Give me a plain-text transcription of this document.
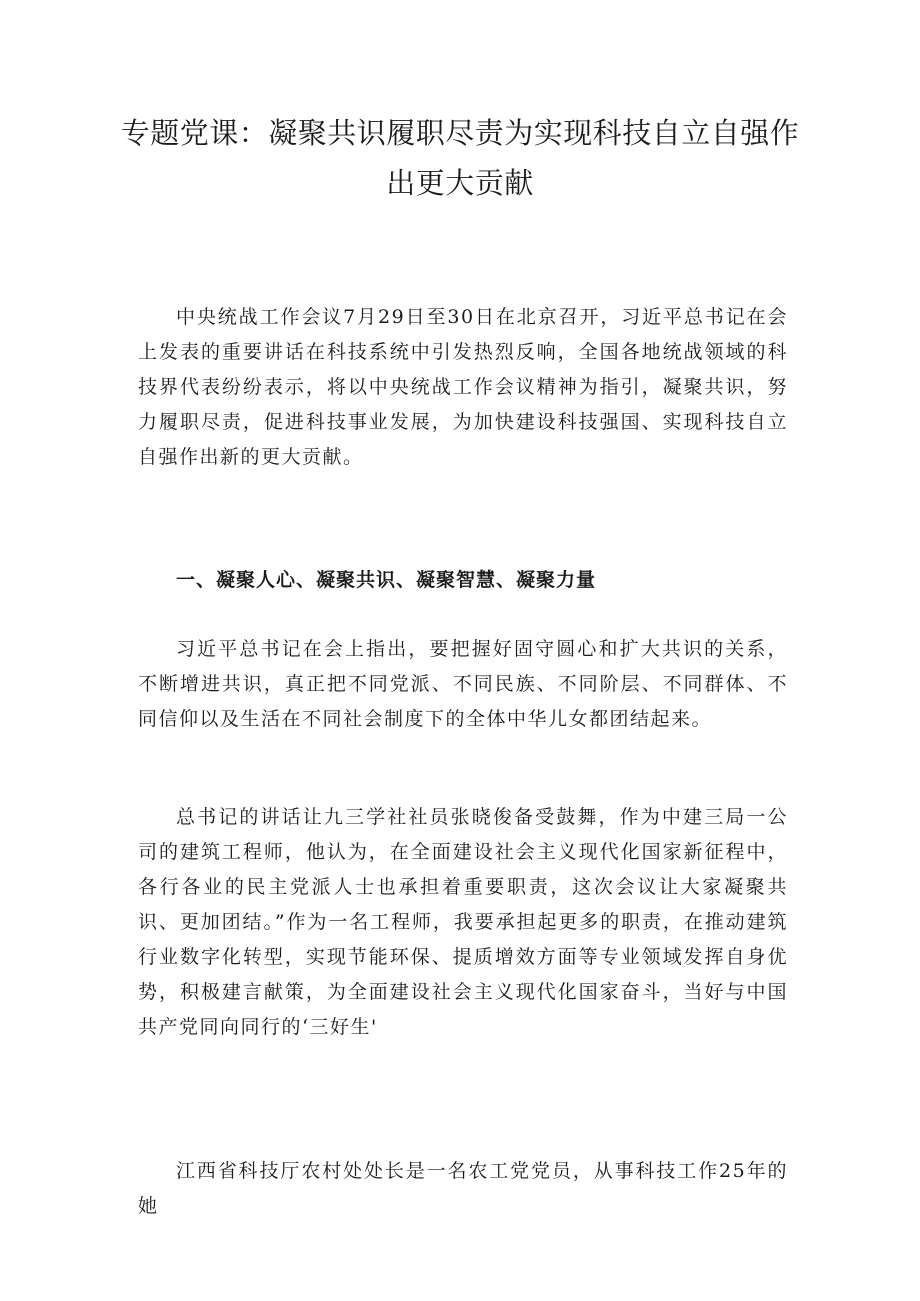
专题党课：凝聚共识履职尽责为实现科技自立自强作出更大贡献

中央统战工作会议7月29日至30日在北京召开，习近平总书记在会上发表的重要讲话在科技系统中引发热烈反响，全国各地统战领域的科技界代表纷纷表示，将以中央统战工作会议精神为指引，凝聚共识，努力履职尽责，促进科技事业发展，为加快建设科技强国、实现科技自立自强作出新的更大贡献。

一、凝聚人心、凝聚共识、凝聚智慧、凝聚力量

习近平总书记在会上指出，要把握好固守圆心和扩大共识的关系，不断增进共识，真正把不同党派、不同民族、不同阶层、不同群体、不同信仰以及生活在不同社会制度下的全体中华儿女都团结起来。

总书记的讲话让九三学社社员张晓俊备受鼓舞，作为中建三局一公司的建筑工程师，他认为，在全面建设社会主义现代化国家新征程中，各行各业的民主党派人士也承担着重要职责，这次会议让大家凝聚共识、更加团结。”作为一名工程师，我要承担起更多的职责，在推动建筑行业数字化转型，实现节能环保、提质增效方面等专业领域发挥自身优势，积极建言献策，为全面建设社会主义现代化国家奋斗，当好与中国共产党同向同行的‘三好生'

江西省科技厅农村处处长是一名农工党党员，从事科技工作25年的她
